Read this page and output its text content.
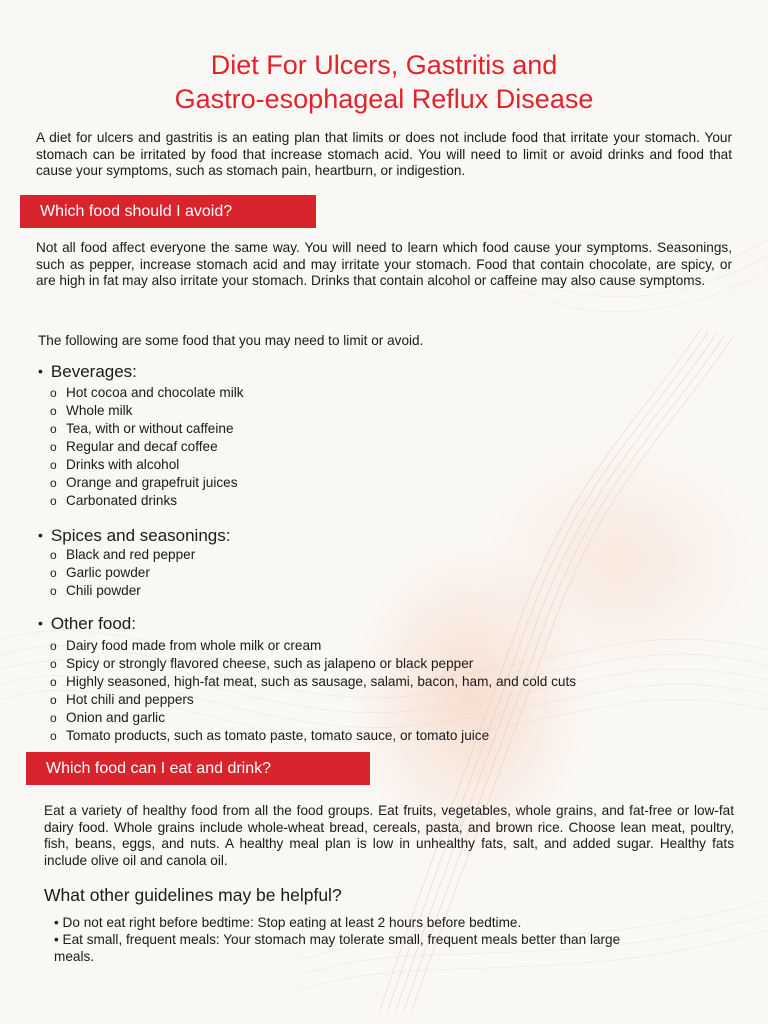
Diet For Ulcers, Gastritis and
Gastro-esophageal Reflux Disease

A diet for ulcers and gastritis is an eating plan that limits or does not include food that irritate your stomach. Your stomach can be irritated by food that increase stomach acid. You will need to limit or avoid drinks and food that cause your symptoms, such as stomach pain, heartburn, or indigestion.

Which food should I avoid?

Not all food affect everyone the same way. You will need to learn which food cause your symptoms. Seasonings, such as pepper, increase stomach acid and may irritate your stomach. Food that contain chocolate, are spicy, or are high in fat may also irritate your stomach. Drinks that contain alcohol or caffeine may also cause symptoms.

The following are some food that you may need to limit or avoid.

• Beverages:
o Hot cocoa and chocolate milk
o Whole milk
o Tea, with or without caffeine
o Regular and decaf coffee
o Drinks with alcohol
o Orange and grapefruit juices
o Carbonated drinks
• Spices and seasonings:
o Black and red pepper
o Garlic powder
o Chili powder
• Other food:
o Dairy food made from whole milk or cream
o Spicy or strongly flavored cheese, such as jalapeno or black pepper
o Highly seasoned, high-fat meat, such as sausage, salami, bacon, ham, and cold cuts
o Hot chili and peppers
o Onion and garlic
o Tomato products, such as tomato paste, tomato sauce, or tomato juice
Which food can I eat and drink?

Eat a variety of healthy food from all the food groups. Eat fruits, vegetables, whole grains, and fat-free or low-fat dairy food. Whole grains include whole-wheat bread, cereals, pasta, and brown rice. Choose lean meat, poultry, fish, beans, eggs, and nuts. A healthy meal plan is low in unhealthy fats, salt, and added sugar. Healthy fats include olive oil and canola oil.

What other guidelines may be helpful?

• Do not eat right before bedtime: Stop eating at least 2 hours before bedtime.

• Eat small, frequent meals: Your stomach may tolerate small, frequent meals better than large meals.
